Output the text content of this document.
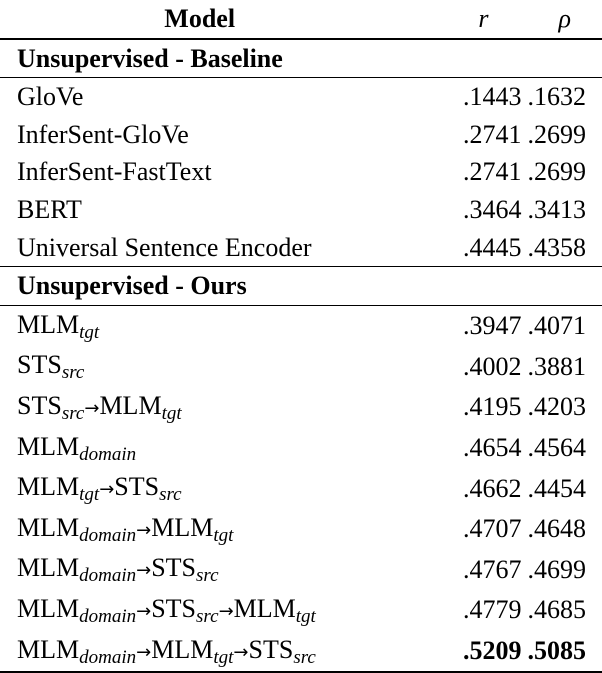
Model	r	ρ
Unsupervised - Baseline		
GloVe	.1443	.1632
InferSent-GloVe	.2741	.2699
InferSent-FastText	.2741	.2699
BERT	.3464	.3413
Universal Sentence Encoder	.4445	.4358
Unsupervised - Ours		
MLMtgt	.3947	.4071
STSsrc	.4002	.3881
STSsrc→MLMtgt	.4195	.4203
MLMdomain	.4654	.4564
MLMtgt→STSsrc	.4662	.4454
MLMdomain→MLMtgt	.4707	.4648
MLMdomain→STSsrc	.4767	.4699
MLMdomain→STSsrc→MLMtgt	.4779	.4685
MLMdomain→MLMtgt→STSsrc	.5209	.5085
